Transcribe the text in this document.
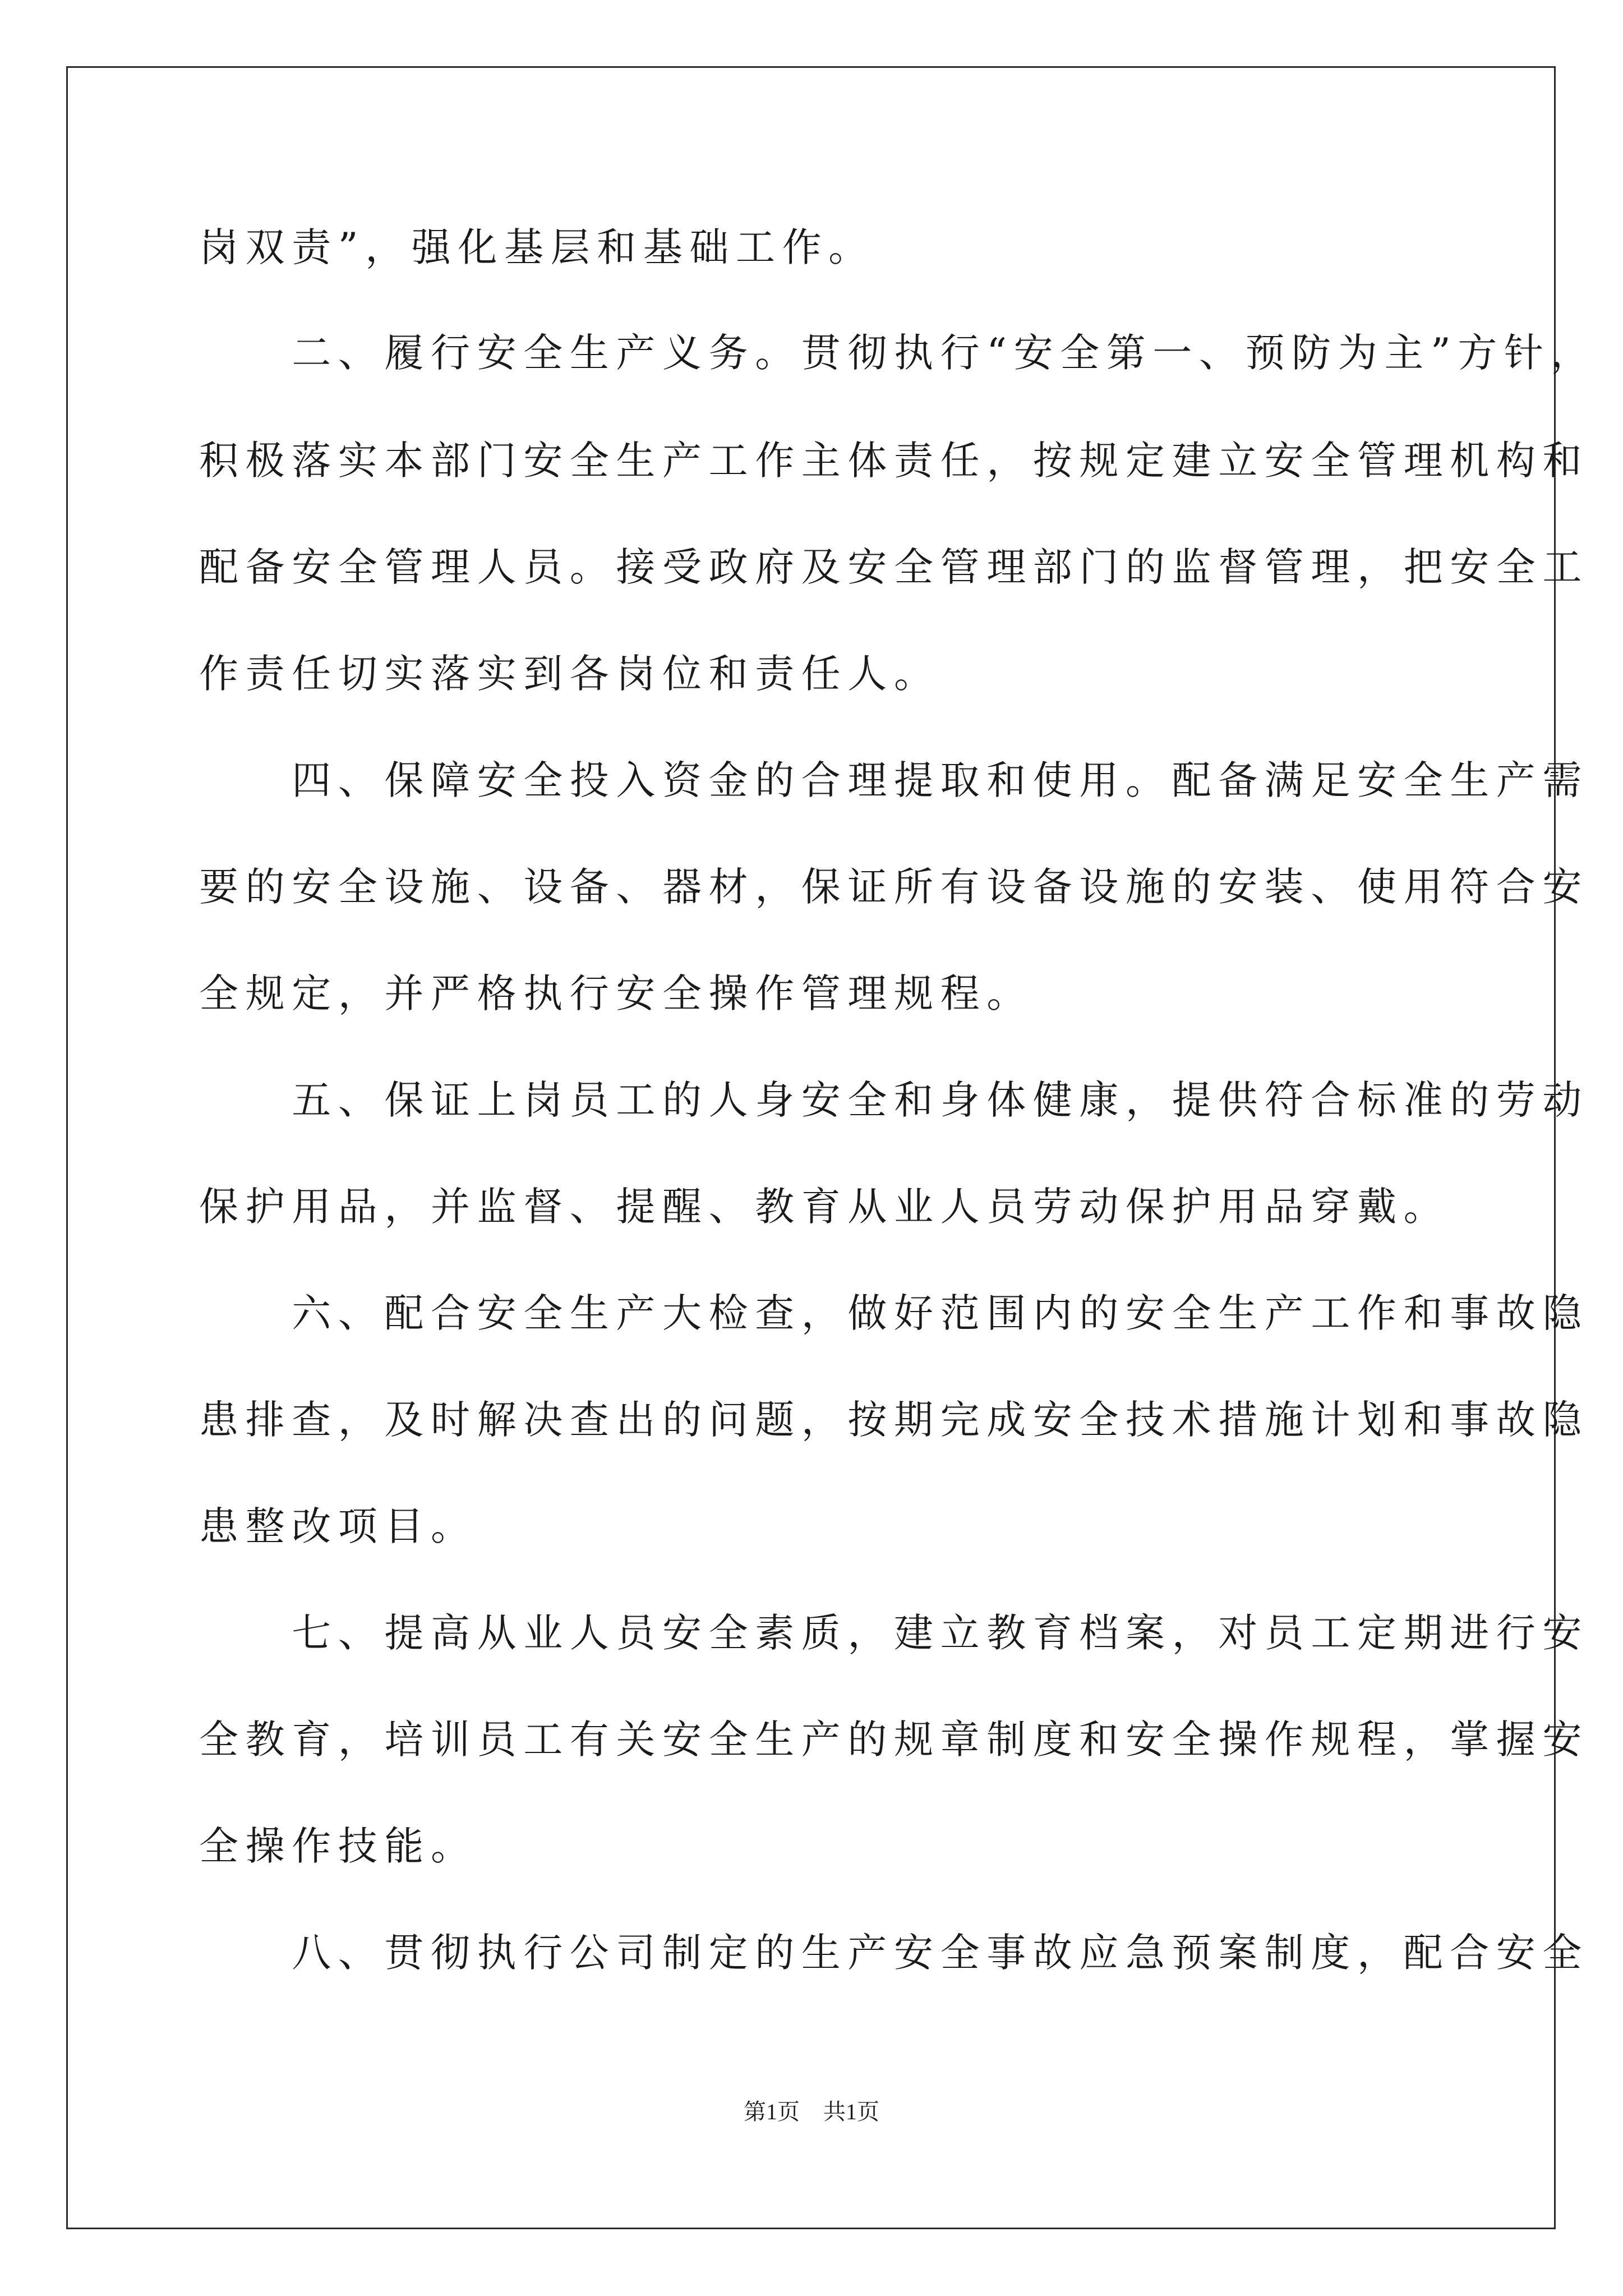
岗双责”，强化基层和基础工作。
　　二、履行安全生产义务。贯彻执行“安全第一、预防为主”方针，
积极落实本部门安全生产工作主体责任，按规定建立安全管理机构和
配备安全管理人员。接受政府及安全管理部门的监督管理，把安全工
作责任切实落实到各岗位和责任人。
　　四、保障安全投入资金的合理提取和使用。配备满足安全生产需
要的安全设施、设备、器材，保证所有设备设施的安装、使用符合安
全规定，并严格执行安全操作管理规程。
　　五、保证上岗员工的人身安全和身体健康，提供符合标准的劳动
保护用品，并监督、提醒、教育从业人员劳动保护用品穿戴。
　　六、配合安全生产大检查，做好范围内的安全生产工作和事故隐
患排查，及时解决查出的问题，按期完成安全技术措施计划和事故隐
患整改项目。
　　七、提高从业人员安全素质，建立教育档案，对员工定期进行安
全教育，培训员工有关安全生产的规章制度和安全操作规程，掌握安
全操作技能。
　　八、贯彻执行公司制定的生产安全事故应急预案制度，配合安全
第1页 共1页
